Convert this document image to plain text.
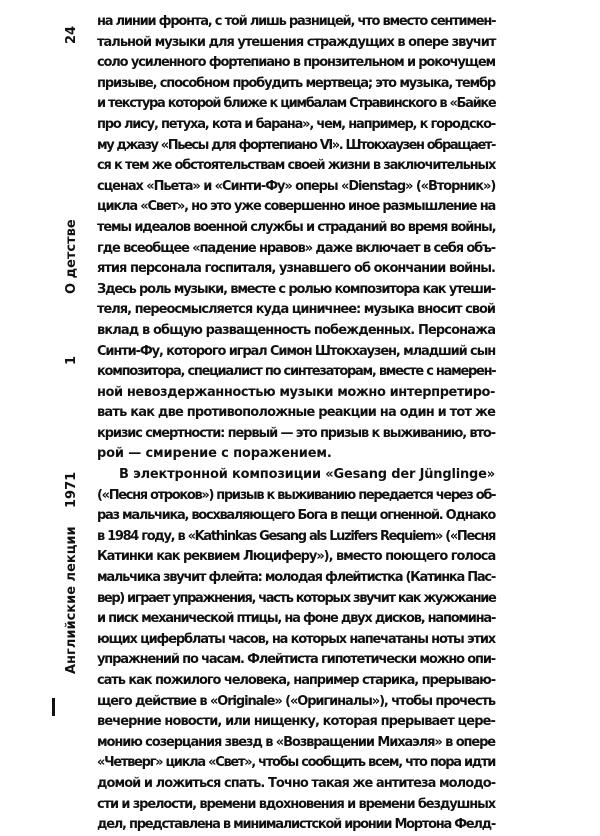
24
О детстве
1
1971
Английские лекции

на линии фронта, с той лишь разницей, что вместо сентимен-
тальной музыки для утешения страждущих в опере звучит
соло усиленного фортепиано в пронзительном и рокочущем
призыве, способном пробудить мертвеца; это музыка, тембр
и текстура которой ближе к цимбалам Стравинского в «Байке
про лису, петуха, кота и барана», чем, например, к городско-
му джазу «Пьесы для фортепиано VI». Штокхаузен обращает-
ся к тем же обстоятельствам своей жизни в заключительных
сценах «Пьета» и «Синти-Фу» оперы «Dienstag» («Вторник»)
цикла «Свет», но это уже совершенно иное размышление на
темы идеалов военной службы и страданий во время войны,
где всеобщее «падение нравов» даже включает в себя объ-
ятия персонала госпиталя, узнавшего об окончании войны.
Здесь роль музыки, вместе с ролью композитора как утеши-
теля, переосмысляется куда циничнее: музыка вносит свой
вклад в общую разващенность побежденных. Персонажа
Синти-Фу, которого играл Симон Штокхаузен, младший сын
композитора, специалист по синтезаторам, вместе с намерен-
ной невоздержанностью музыки можно интерпретиро-
вать как две противоположные реакции на один и тот же
кризис смертности: первый — это призыв к выживанию, вто-
рой — смирение с поражением.

В электронной композиции «Gesang der Jünglinge»
(«Песня отроков») призыв к выживанию передается через об-
раз мальчика, восхваляющего Бога в пещи огненной. Однако
в 1984 году, в «Kathinkas Gesang als Luzifers Requiem» («Песня
Катинки как реквием Люциферу»), вместо поющего голоса
мальчика звучит флейта: молодая флейтистка (Катинка Пас-
вер) играет упражнения, часть которых звучит как жужжание
и писк механической птицы, на фоне двух дисков, напомина-
ющих циферблаты часов, на которых напечатаны ноты этих
упражнений по часам. Флейтиста гипотетически можно опи-
сать как пожилого человека, например старика, прерываю-
щего действие в «Originale» («Оригиналы»), чтобы прочесть
вечерние новости, или нищенку, которая прерывает цере-
монию созерцания звезд в «Возвращении Михаэля» в опере
«Четверг» цикла «Свет», чтобы сообщить всем, что пора идти
домой и ложиться спать. Точно такая же антитеза молодо-
сти и зрелости, времени вдохновения и времени бездушных
дел, представлена в минималистской иронии Мортона Фелд-
